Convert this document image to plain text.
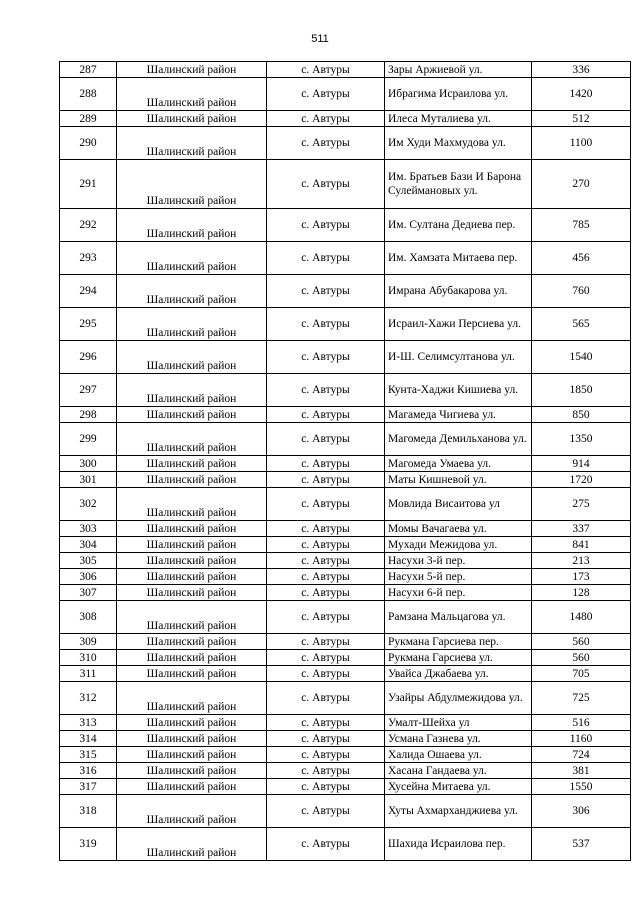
511
287	Шалинский район	с. Автуры	Зары Аржиевой ул.	336
288	Шалинский район	с. Автуры	Ибрагима Исраилова ул.	1420
289	Шалинский район	с. Автуры	Илеса Муталиева ул.	512
290	Шалинский район	с. Автуры	Им Худи Махмудова ул.	1100
291	Шалинский район	с. Автуры	Им. Братьев Бази И Барона Сулеймановых ул.	270
292	Шалинский район	с. Автуры	Им. Султана Дедиева пер.	785
293	Шалинский район	с. Автуры	Им. Хамзата Митаева пер.	456
294	Шалинский район	с. Автуры	Имрана Абубакарова ул.	760
295	Шалинский район	с. Автуры	Исраил-Хажи Персиева ул.	565
296	Шалинский район	с. Автуры	И-Ш. Селимсултанова ул.	1540
297	Шалинский район	с. Автуры	Кунта-Хаджи Кишиева ул.	1850
298	Шалинский район	с. Автуры	Магамеда Чигиева ул.	850
299	Шалинский район	с. Автуры	Магомеда Демильханова ул.	1350
300	Шалинский район	с. Автуры	Магомеда Умаева ул.	914
301	Шалинский район	с. Автуры	Маты Кишневой ул.	1720
302	Шалинский район	с. Автуры	Мовлида Висаитова ул	275
303	Шалинский район	с. Автуры	Момы Вачагаева ул.	337
304	Шалинский район	с. Автуры	Мухади Межидова ул.	841
305	Шалинский район	с. Автуры	Насухи 3-й пер.	213
306	Шалинский район	с. Автуры	Насухи 5-й пер.	173
307	Шалинский район	с. Автуры	Насухи 6-й пер.	128
308	Шалинский район	с. Автуры	Рамзана Мальцагова ул.	1480
309	Шалинский район	с. Автуры	Рукмана Гарсиева пер.	560
310	Шалинский район	с. Автуры	Рукмана Гарсиева ул.	560
311	Шалинский район	с. Автуры	Увайса Джабаева ул.	705
312	Шалинский район	с. Автуры	Узайры Абдулмежидова ул.	725
313	Шалинский район	с. Автуры	Умалт-Шейха ул	516
314	Шалинский район	с. Автуры	Усмана Газнева ул.	1160
315	Шалинский район	с. Автуры	Халида Ошаева ул.	724
316	Шалинский район	с. Автуры	Хасана Гандаева ул.	381
317	Шалинский район	с. Автуры	Хусейна Митаева ул.	1550
318	Шалинский район	с. Автуры	Хуты Ахмарханджиева ул.	306
319	Шалинский район	с. Автуры	Шахида Исраилова пер.	537
